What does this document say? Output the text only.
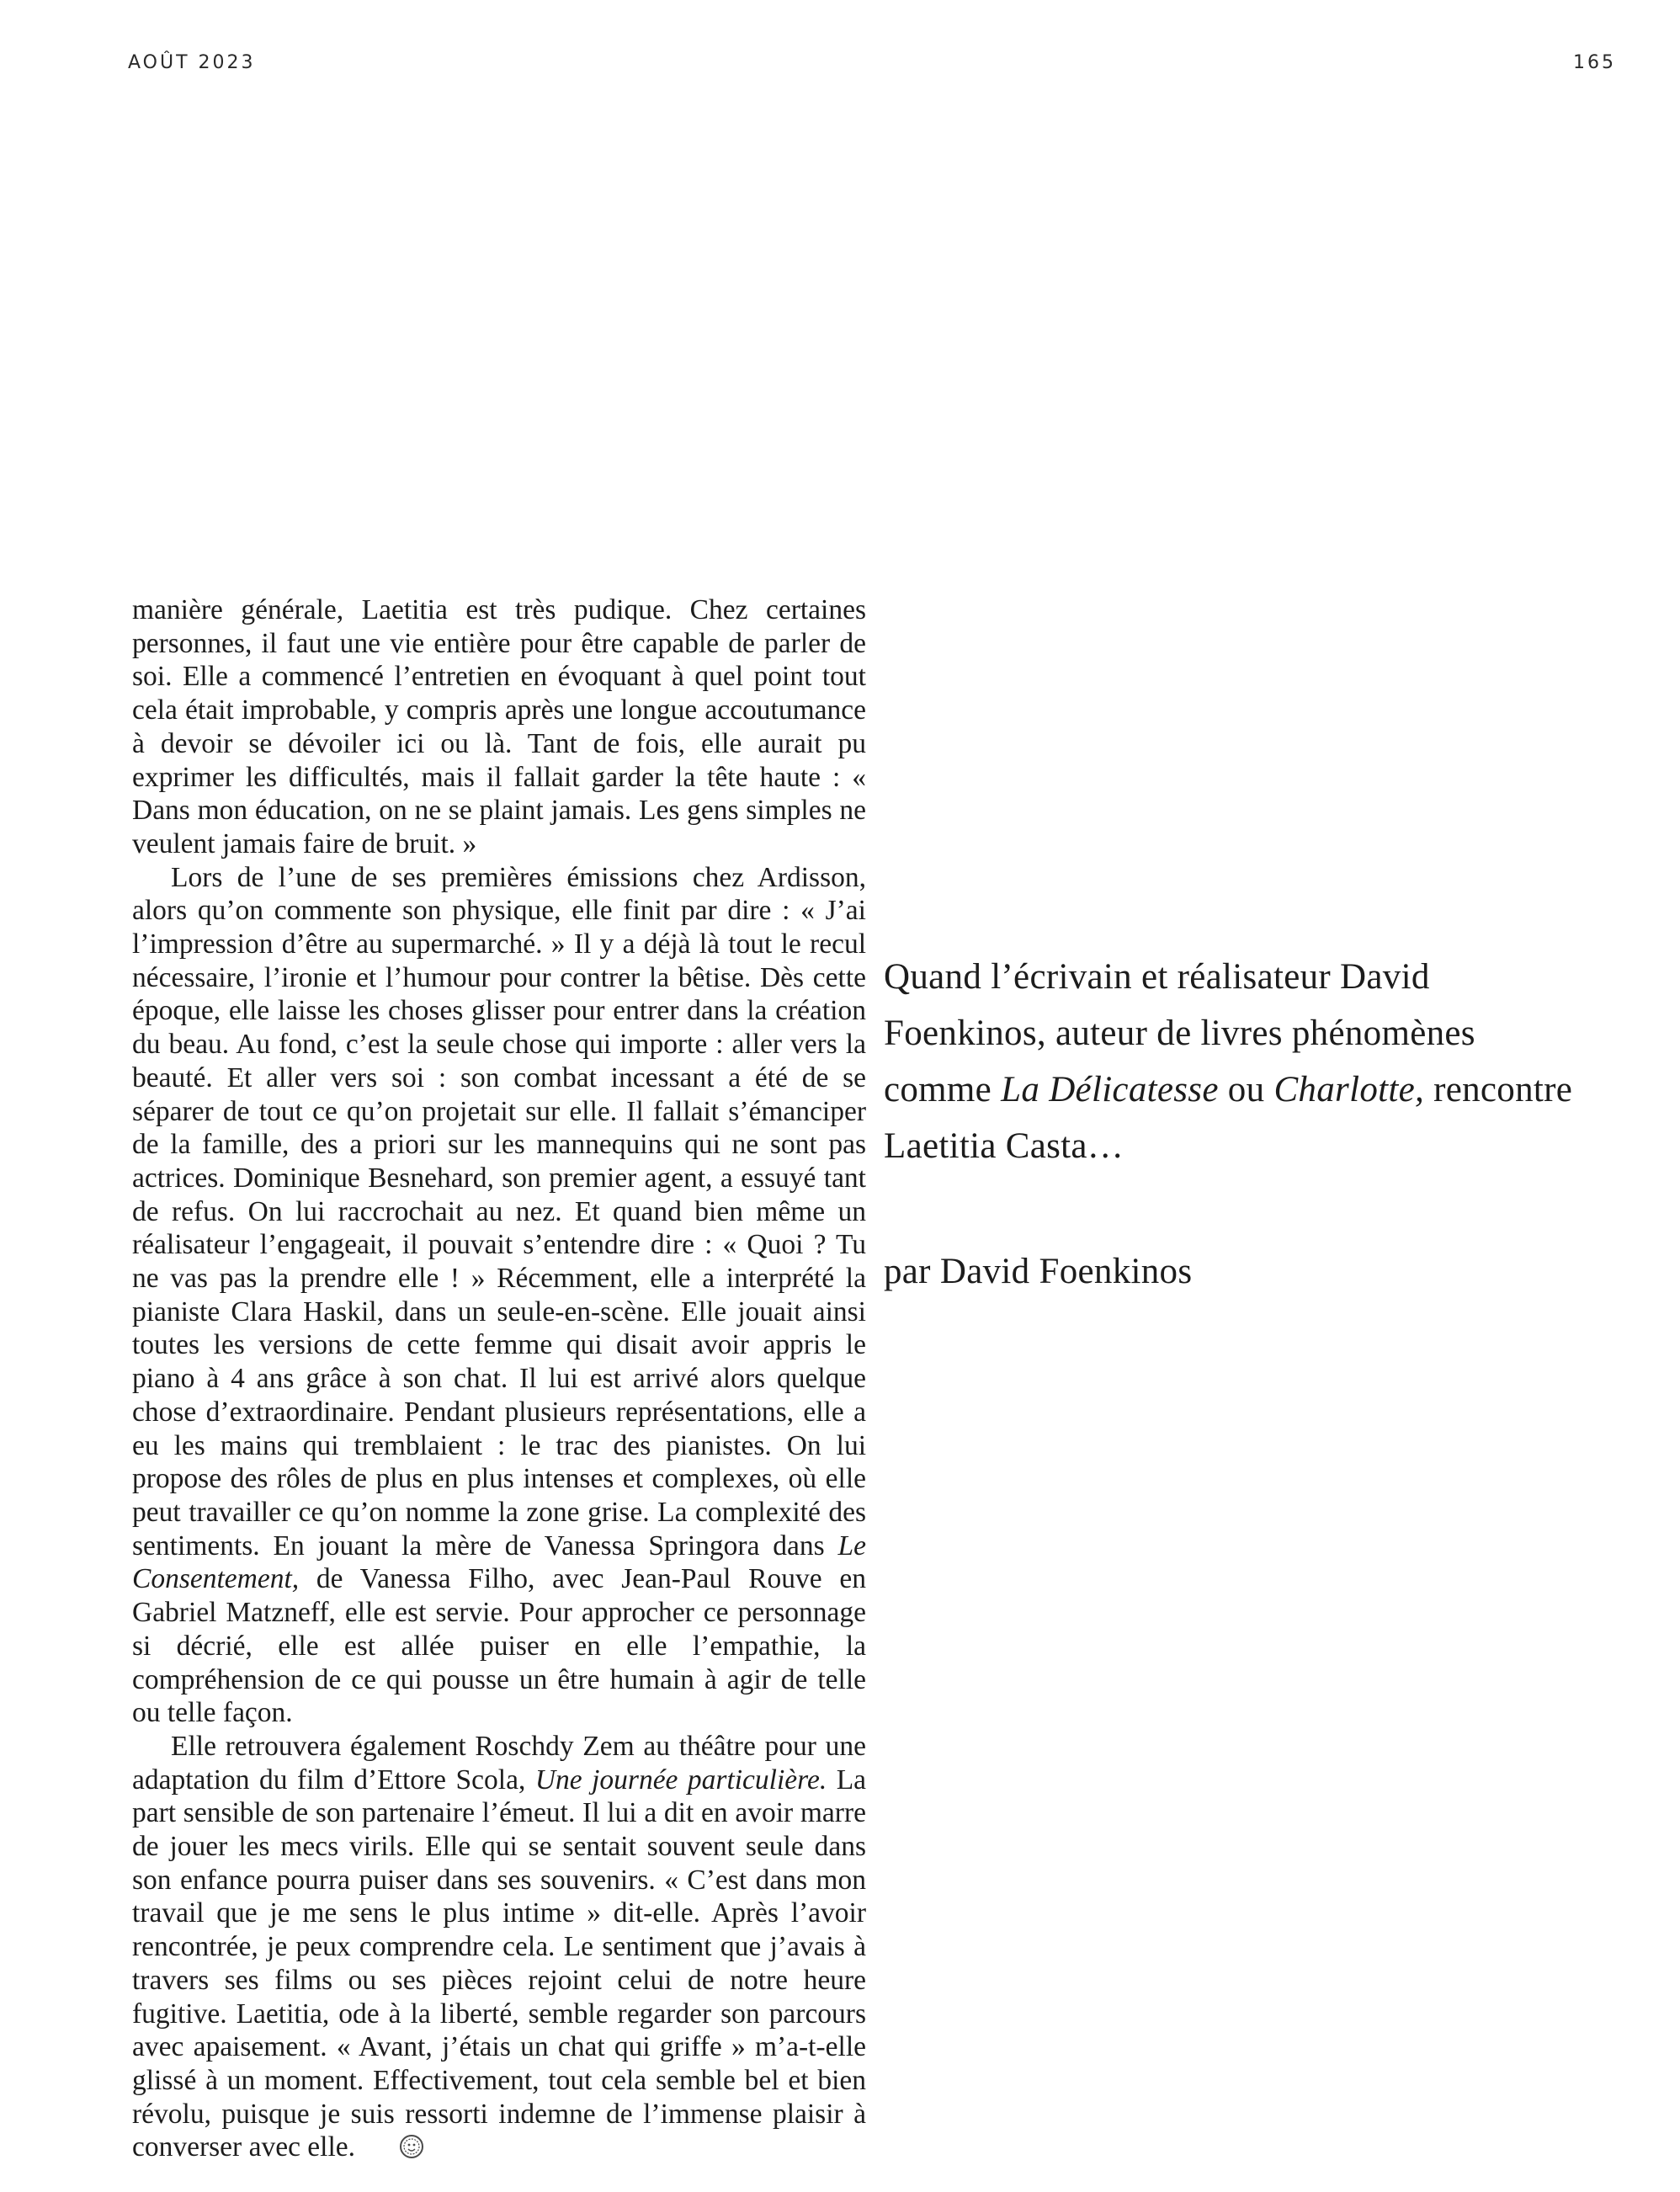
AOÛT 2023	165

manière générale, Laetitia est très pudique. Chez certaines personnes, il faut une vie entière pour être capable de parler de soi. Elle a commencé l’entretien en évoquant à quel point tout cela était improbable, y compris après une longue accoutumance à devoir se dévoiler ici ou là. Tant de fois, elle aurait pu exprimer les difficultés, mais il fallait garder la tête haute : « Dans mon éducation, on ne se plaint jamais. Les gens simples ne veulent jamais faire de bruit. »

Lors de l’une de ses premières émissions chez Ardisson, alors qu’on commente son physique, elle finit par dire : « J’ai l’impression d’être au supermarché. » Il y a déjà là tout le recul nécessaire, l’ironie et l’humour pour contrer la bêtise. Dès cette époque, elle laisse les choses glisser pour entrer dans la création du beau. Au fond, c’est la seule chose qui importe : aller vers la beauté. Et aller vers soi : son combat incessant a été de se séparer de tout ce qu’on projetait sur elle. Il fallait s’émanciper de la famille, des a priori sur les mannequins qui ne sont pas actrices. Dominique Besnehard, son premier agent, a essuyé tant de refus. On lui raccrochait au nez. Et quand bien même un réalisateur l’engageait, il pouvait s’entendre dire : « Quoi ? Tu ne vas pas la prendre elle ! » Récemment, elle a interprété la pianiste Clara Haskil, dans un seule-en-scène. Elle jouait ainsi toutes les versions de cette femme qui disait avoir appris le piano à 4 ans grâce à son chat. Il lui est arrivé alors quelque chose d’extraordinaire. Pendant plusieurs représentations, elle a eu les mains qui tremblaient : le trac des pianistes. On lui propose des rôles de plus en plus intenses et complexes, où elle peut travailler ce qu’on nomme la zone grise. La complexité des sentiments. En jouant la mère de Vanessa Springora dans Le Consentement, de Vanessa Filho, avec Jean-Paul Rouve en Gabriel Matzneff, elle est servie. Pour approcher ce personnage si décrié, elle est allée puiser en elle l’empathie, la compréhension de ce qui pousse un être humain à agir de telle ou telle façon.

Elle retrouvera également Roschdy Zem au théâtre pour une adaptation du film d’Ettore Scola, Une journée particulière. La part sensible de son partenaire l’émeut. Il lui a dit en avoir marre de jouer les mecs virils. Elle qui se sentait souvent seule dans son enfance pourra puiser dans ses souvenirs. « C’est dans mon travail que je me sens le plus intime » dit-elle. Après l’avoir rencontrée, je peux comprendre cela. Le sentiment que j’avais à travers ses films ou ses pièces rejoint celui de notre heure fugitive. Laetitia, ode à la liberté, semble regarder son parcours avec apaisement. « Avant, j’étais un chat qui griffe » m’a-t-elle glissé à un moment. Effectivement, tout cela semble bel et bien révolu, puisque je suis ressorti indemne de l’immense plaisir à converser avec elle.

Quand l’écrivain et réalisateur David Foenkinos, auteur de livres phénomènes comme La Délicatesse ou Charlotte, rencontre Laetitia Casta…

par David Foenkinos
